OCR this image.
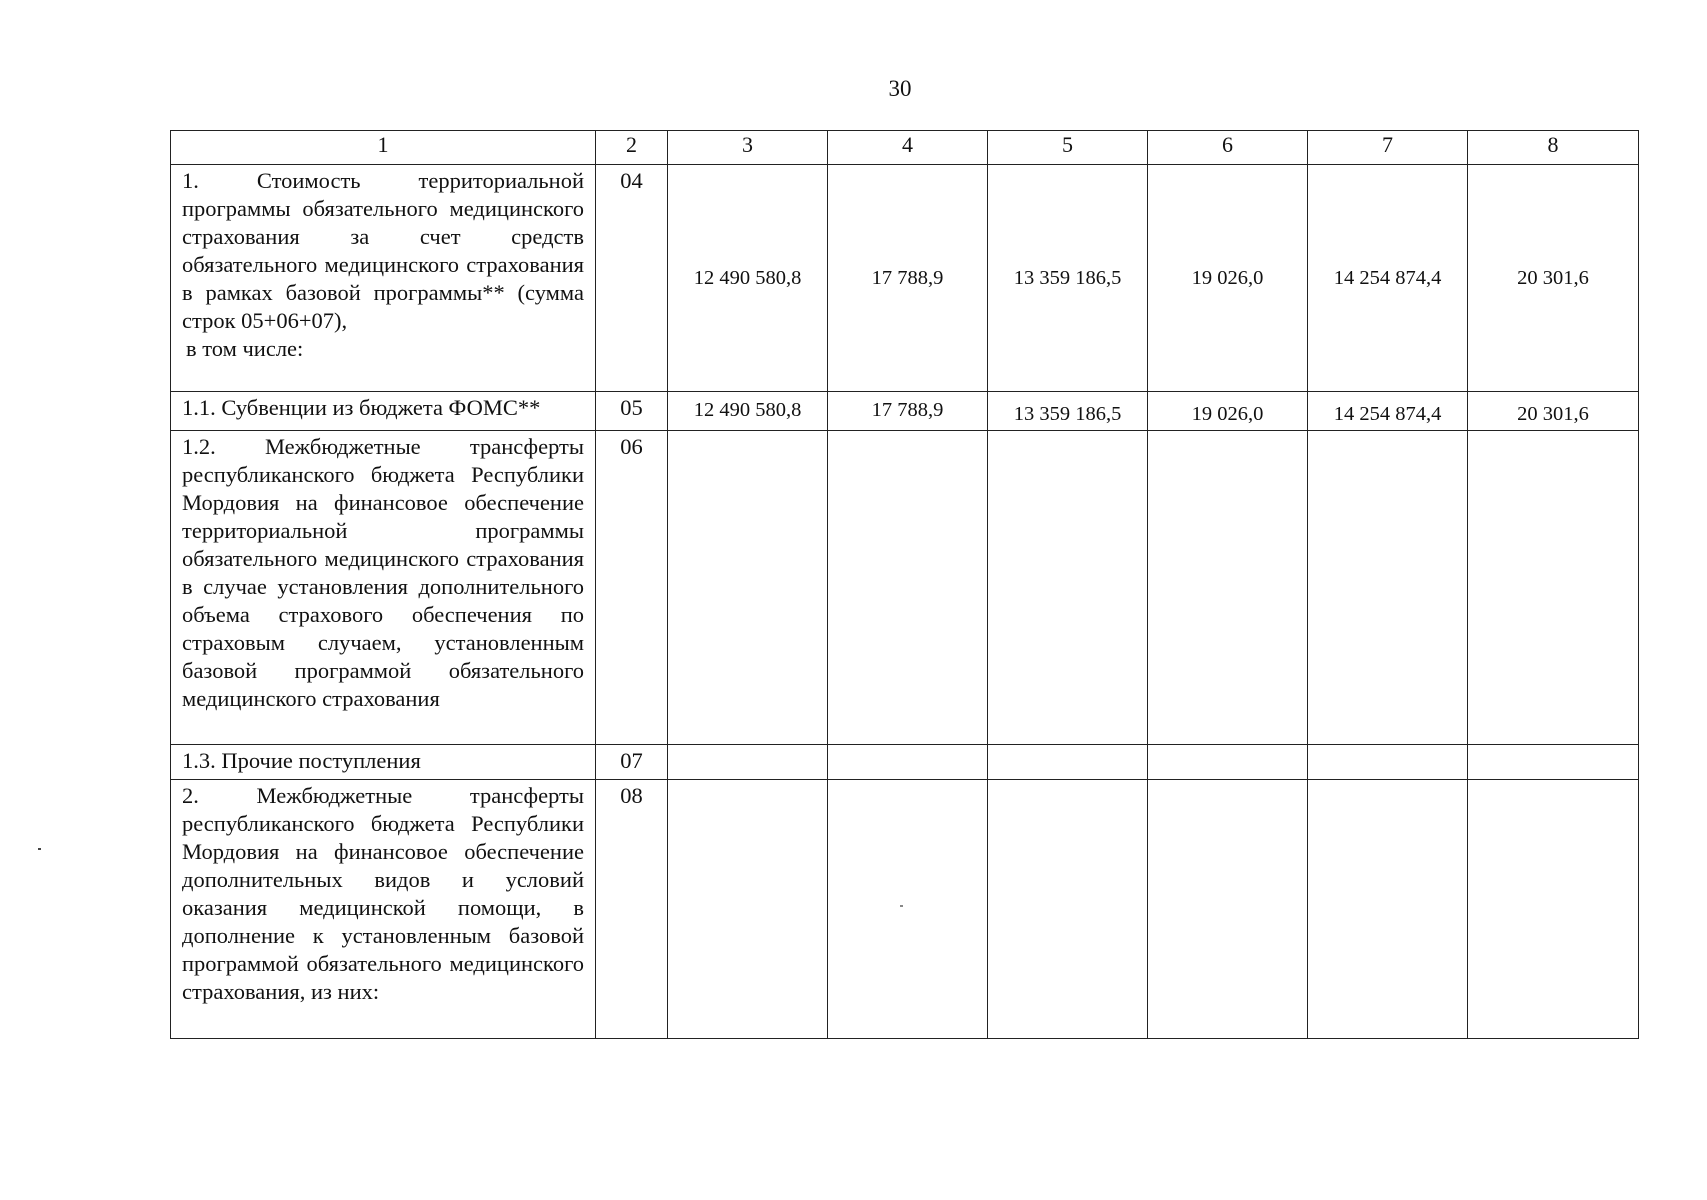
30
1	2	3	4	5	6	7	8
1. Стоимость территориальной программы обязательного медицинского страхования за счет средств обязательного медицинского страхования в рамках базовой программы** (сумма строк 05+06+07),
в том числе:	04	12 490 580,8	17 788,9	13 359 186,5	19 026,0	14 254 874,4	20 301,6
1.1. Субвенции из бюджета ФОМС**	05	12 490 580,8	17 788,9	13 359 186,5	19 026,0	14 254 874,4	20 301,6
1.2. Межбюджетные трансферты республиканского бюджета Республики Мордовия на финансовое обеспечение территориальной программы обязательного медицинского страхования в случае установления дополнительного объема страхового обеспечения по страховым случаем, установленным базовой программой обязательного медицинского страхования	06						
1.3. Прочие поступления	07						
2. Межбюджетные трансферты республиканского бюджета Республики Мордовия на финансовое обеспечение дополнительных видов и условий оказания медицинской помощи, в дополнение к установленным базовой программой обязательного медицинского страхования, из них:	08						
